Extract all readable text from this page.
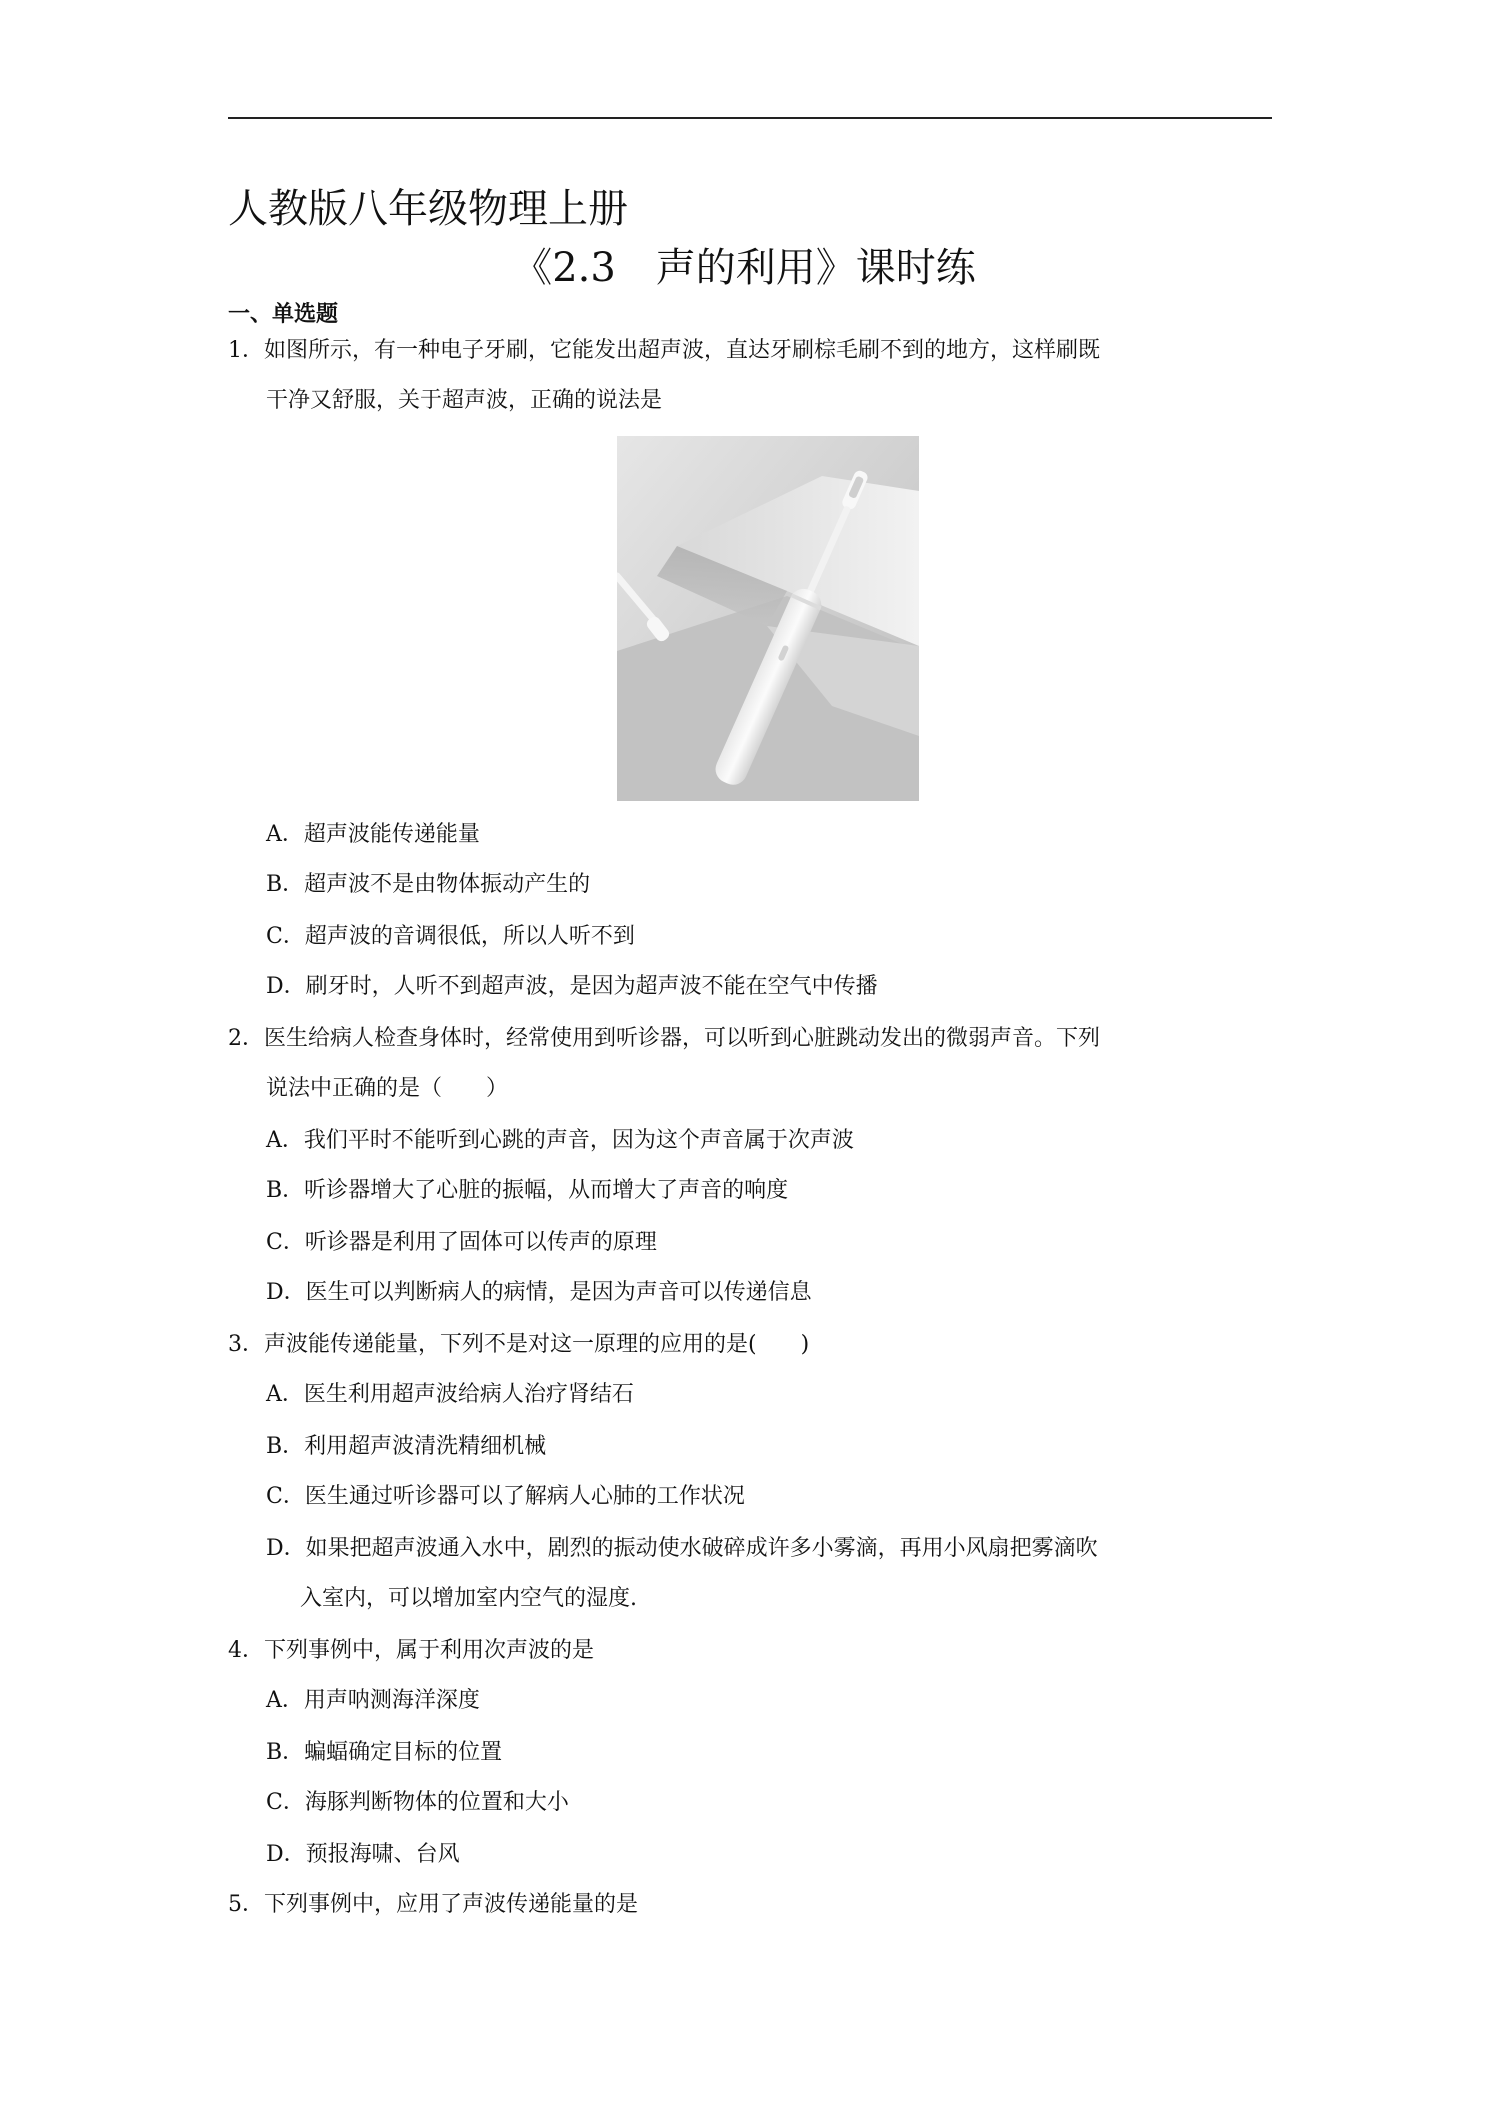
人教版八年级物理上册
《2.3　声的利用》课时练
一、单选题
1．如图所示，有一种电子牙刷，它能发出超声波，直达牙刷棕毛刷不到的地方，这样刷既
干净又舒服，关于超声波，正确的说法是
A．超声波能传递能量
B．超声波不是由物体振动产生的
C．超声波的音调很低，所以人听不到
D．刷牙时，人听不到超声波，是因为超声波不能在空气中传播
2．医生给病人检查身体时，经常使用到听诊器，可以听到心脏跳动发出的微弱声音。下列
说法中正确的是（　　）
A．我们平时不能听到心跳的声音，因为这个声音属于次声波
B．听诊器增大了心脏的振幅，从而增大了声音的响度
C．听诊器是利用了固体可以传声的原理
D．医生可以判断病人的病情，是因为声音可以传递信息
3．声波能传递能量，下列不是对这一原理的应用的是(　　)
A．医生利用超声波给病人治疗肾结石
B．利用超声波清洗精细机械
C．医生通过听诊器可以了解病人心肺的工作状况
D．如果把超声波通入水中，剧烈的振动使水破碎成许多小雾滴，再用小风扇把雾滴吹
入室内，可以增加室内空气的湿度.
4．下列事例中，属于利用次声波的是
A．用声呐测海洋深度
B．蝙蝠确定目标的位置
C．海豚判断物体的位置和大小
D．预报海啸、台风
5．下列事例中，应用了声波传递能量的是
